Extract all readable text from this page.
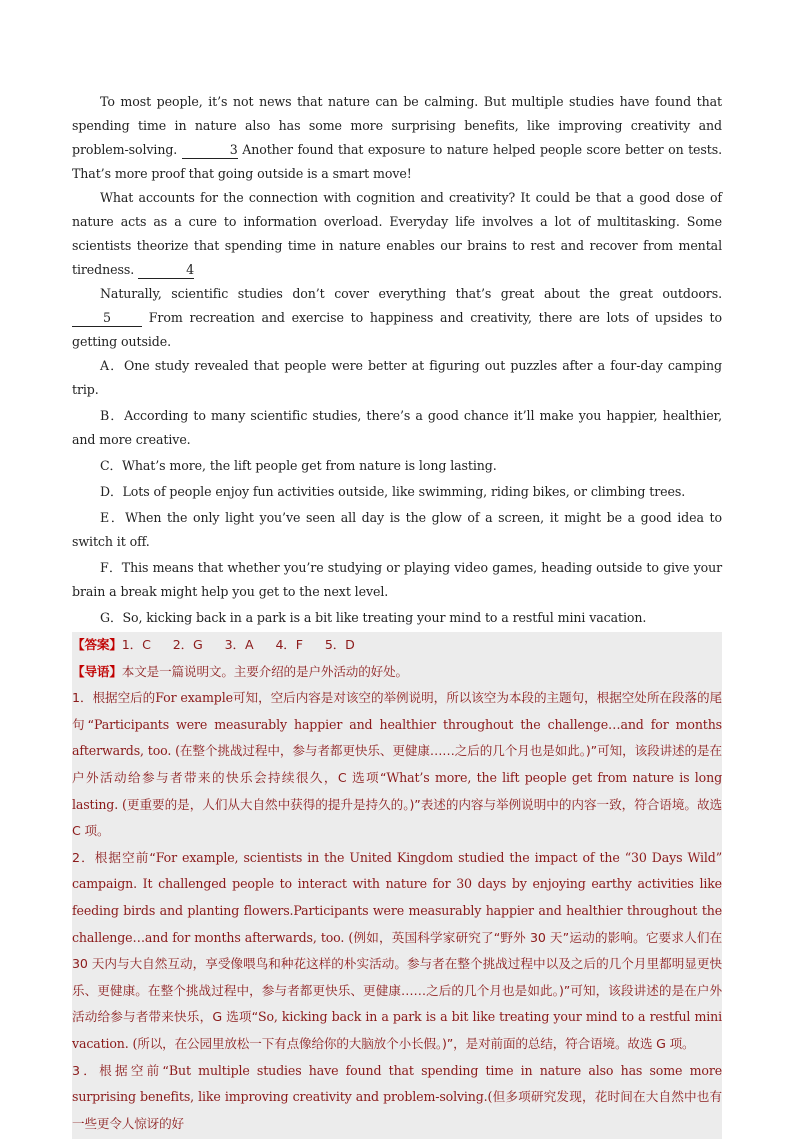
To most people, it’s not news that nature can be calming. But multiple studies have found that spending time in nature also has some more surprising benefits, like improving creativity and problem-solving.	3 Another found that exposure to nature helped people score better on tests. That’s more proof that going outside is a smart move!

What accounts for the connection with cognition and creativity? It could be that a good dose of nature acts as a cure to information overload. Everyday life involves a lot of multitasking. Some scientists theorize that spending time in nature enables our brains to rest and recover from mental tiredness.	4

Naturally, scientific studies don’t cover everything that’s great about the great outdoors. 5 From recreation and exercise to happiness and creativity, there are lots of upsides to getting outside.

A．One study revealed that people were better at figuring out puzzles after a four-day camping trip.

B．According to many scientific studies, there’s a good chance it’ll make you happier, healthier, and more creative.

C．What’s more, the lift people get from nature is long lasting.

D．Lots of people enjoy fun activities outside, like swimming, riding bikes, or climbing trees.

E．When the only light you’ve seen all day is the glow of a screen, it might be a good idea to switch it off.

F．This means that whether you’re studying or playing video games, heading outside to give your brain a break might help you get to the next level.

G．So, kicking back in a park is a bit like treating your mind to a restful mini vacation.

【答案】1．C 2．G 3．A 4．F 5．D

【导语】本文是一篇说明文。主要介绍的是户外活动的好处。

1．根据空后的For example可知，空后内容是对该空的举例说明，所以该空为本段的主题句，根据空处所在段落的尾句“Participants were measurably happier and healthier throughout the challenge…and for months afterwards, too. (在整个挑战过程中，参与者都更快乐、更健康……之后的几个月也是如此。)”可知，该段讲述的是在户外活动给参与者带来的快乐会持续很久，C 选项“What’s more, the lift people get from nature is long lasting. (更重要的是，人们从大自然中获得的提升是持久的。)”表述的内容与举例说明中的内容一致，符合语境。故选 C 项。

2．根据空前“For example, scientists in the United Kingdom studied the impact of the “30 Days Wild” campaign. It challenged people to interact with nature for 30 days by enjoying earthy activities like feeding birds and planting flowers.Participants were measurably happier and healthier throughout the challenge…and for months afterwards, too. (例如，英国科学家研究了“野外 30 天”运动的影响。它要求人们在 30 天内与大自然互动，享受像喂鸟和种花这样的朴实活动。参与者在整个挑战过程中以及之后的几个月里都明显更快乐、更健康。在整个挑战过程中，参与者都更快乐、更健康……之后的几个月也是如此。)”可知，该段讲述的是在户外活动给参与者带来快乐，G 选项“So, kicking back in a park is a bit like treating your mind to a restful mini vacation. (所以，在公园里放松一下有点像给你的大脑放个小长假。)”，是对前面的总结，符合语境。故选 G 项。

3．根据空前“But multiple studies have found that spending time in nature also has some more surprising benefits, like improving creativity and problem-solving.(但多项研究发现，花时间在大自然中也有一些更令人惊讶的好
